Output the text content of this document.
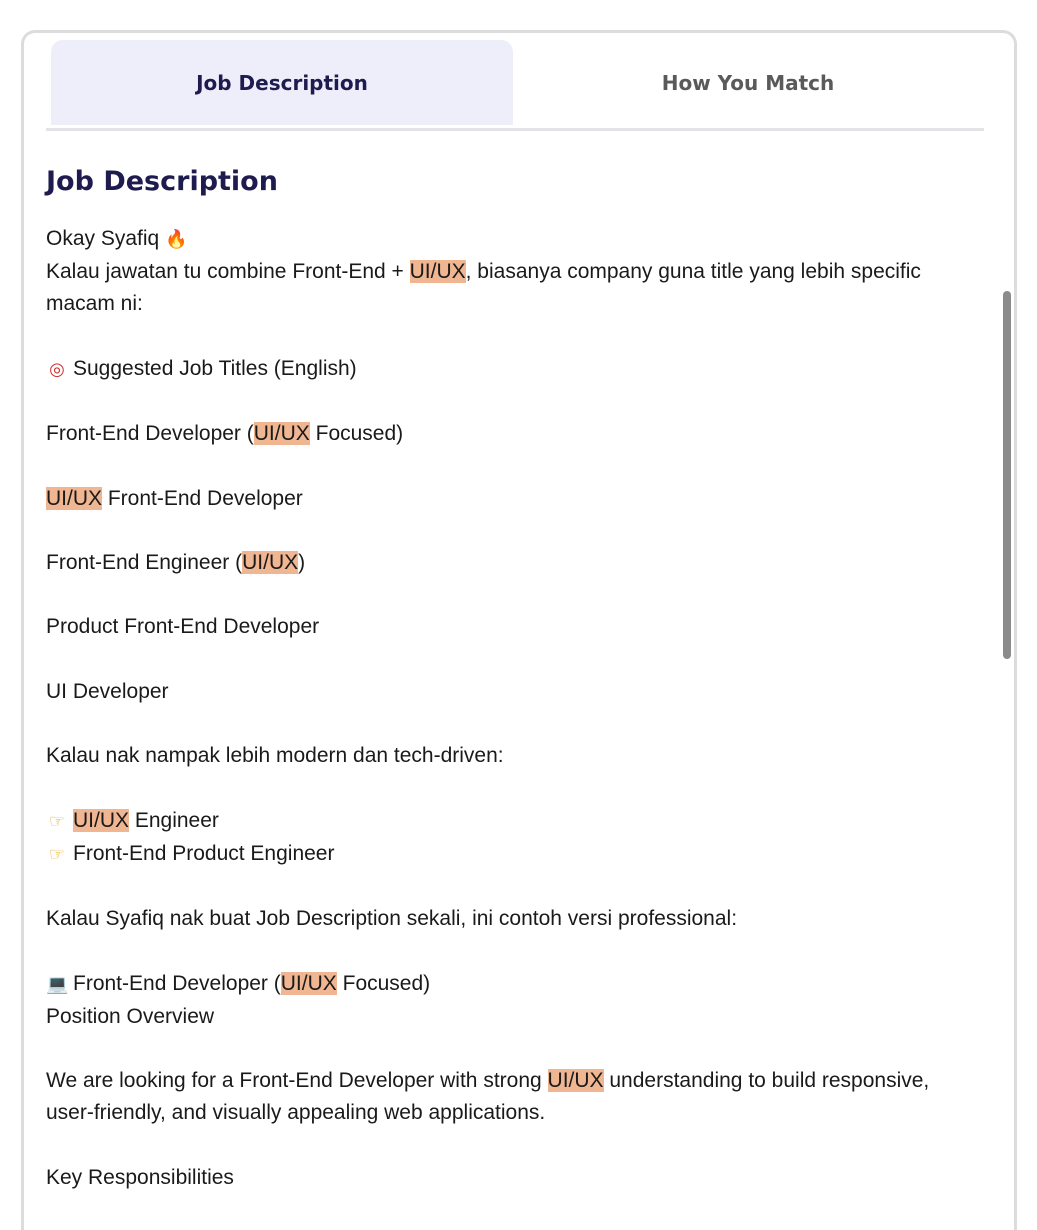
Job Description	How You Match
Job Description
Okay Syafiq 🔥
Kalau jawatan tu combine Front-End + UI/UX, biasanya company guna title yang lebih specific
macam ni:
◎ Suggested Job Titles (English)
Front-End Developer (UI/UX Focused)
UI/UX Front-End Developer
Front-End Engineer (UI/UX)
Product Front-End Developer
UI Developer
Kalau nak nampak lebih modern dan tech-driven:
☞ UI/UX Engineer
☞ Front-End Product Engineer
Kalau Syafiq nak buat Job Description sekali, ini contoh versi professional:
💻 Front-End Developer (UI/UX Focused)
Position Overview
We are looking for a Front-End Developer with strong UI/UX understanding to build responsive,
user-friendly, and visually appealing web applications.
Key Responsibilities
